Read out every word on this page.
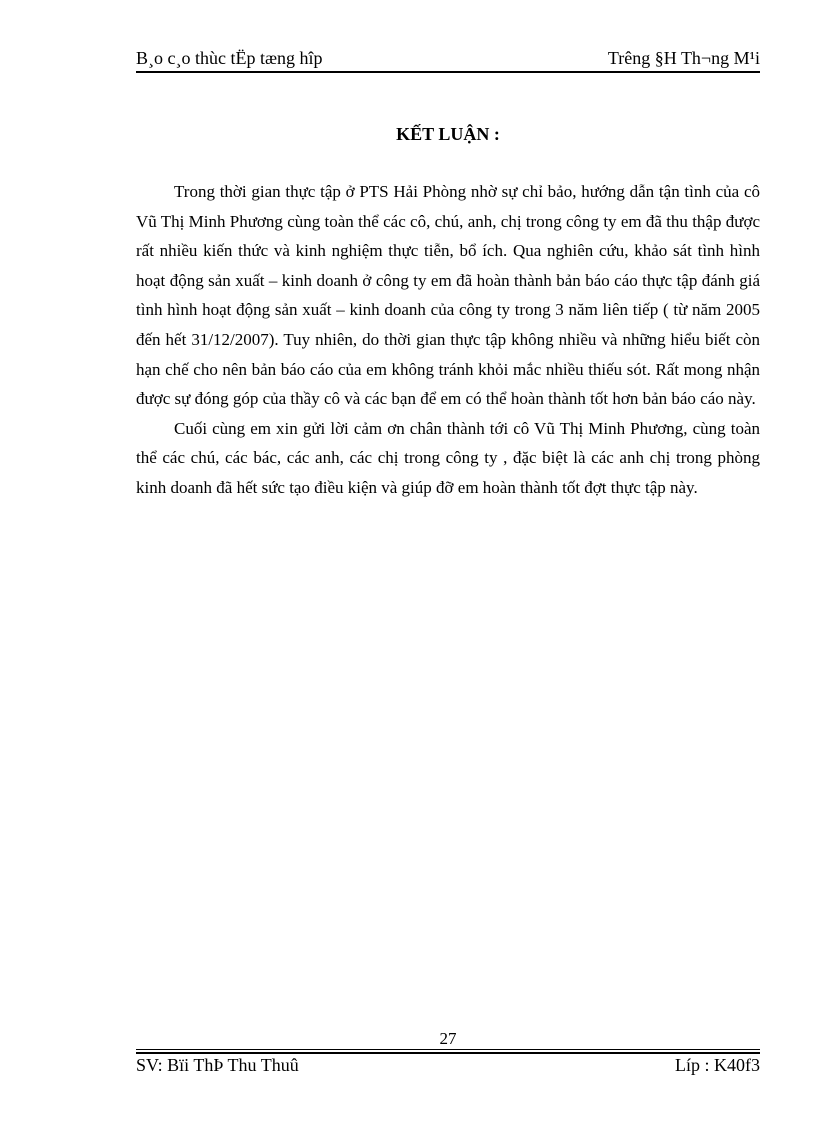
B¸o c¸o thùc tËp tæng hîp	Trêng §H Th¬ng M¹i
KẾT LUẬN :

Trong thời gian thực tập ở PTS Hải Phòng nhờ sự chỉ bảo, hướng dẫn tận tình của cô Vũ Thị Minh Phương cùng toàn thể các cô, chú, anh, chị trong công ty em đã thu thập được rất nhiều kiến thức và kinh nghiệm thực tiễn, bổ ích. Qua nghiên cứu, khảo sát tình hình hoạt động sản xuất – kinh doanh ở công ty em đã hoàn thành bản báo cáo thực tập đánh giá tình hình hoạt động sản xuất – kinh doanh của công ty trong 3 năm liên tiếp ( từ năm 2005 đến hết 31/12/2007). Tuy nhiên, do thời gian thực tập không nhiều và những hiểu biết còn hạn chế cho nên bản báo cáo của em không tránh khỏi mắc nhiều thiếu sót. Rất mong nhận được sự đóng góp của thầy cô và các bạn để em có thể hoàn thành tốt hơn bản báo cáo này.

Cuối cùng em xin gửi lời cảm ơn chân thành tới cô Vũ Thị Minh Phương, cùng toàn thể các chú, các bác, các anh, các chị trong công ty , đặc biệt là các anh chị trong phòng kinh doanh đã hết sức tạo điều kiện và giúp đỡ em hoàn thành tốt đợt thực tập này.

27
SV: Bïi ThÞ Thu Thuû	Líp : K40f3
